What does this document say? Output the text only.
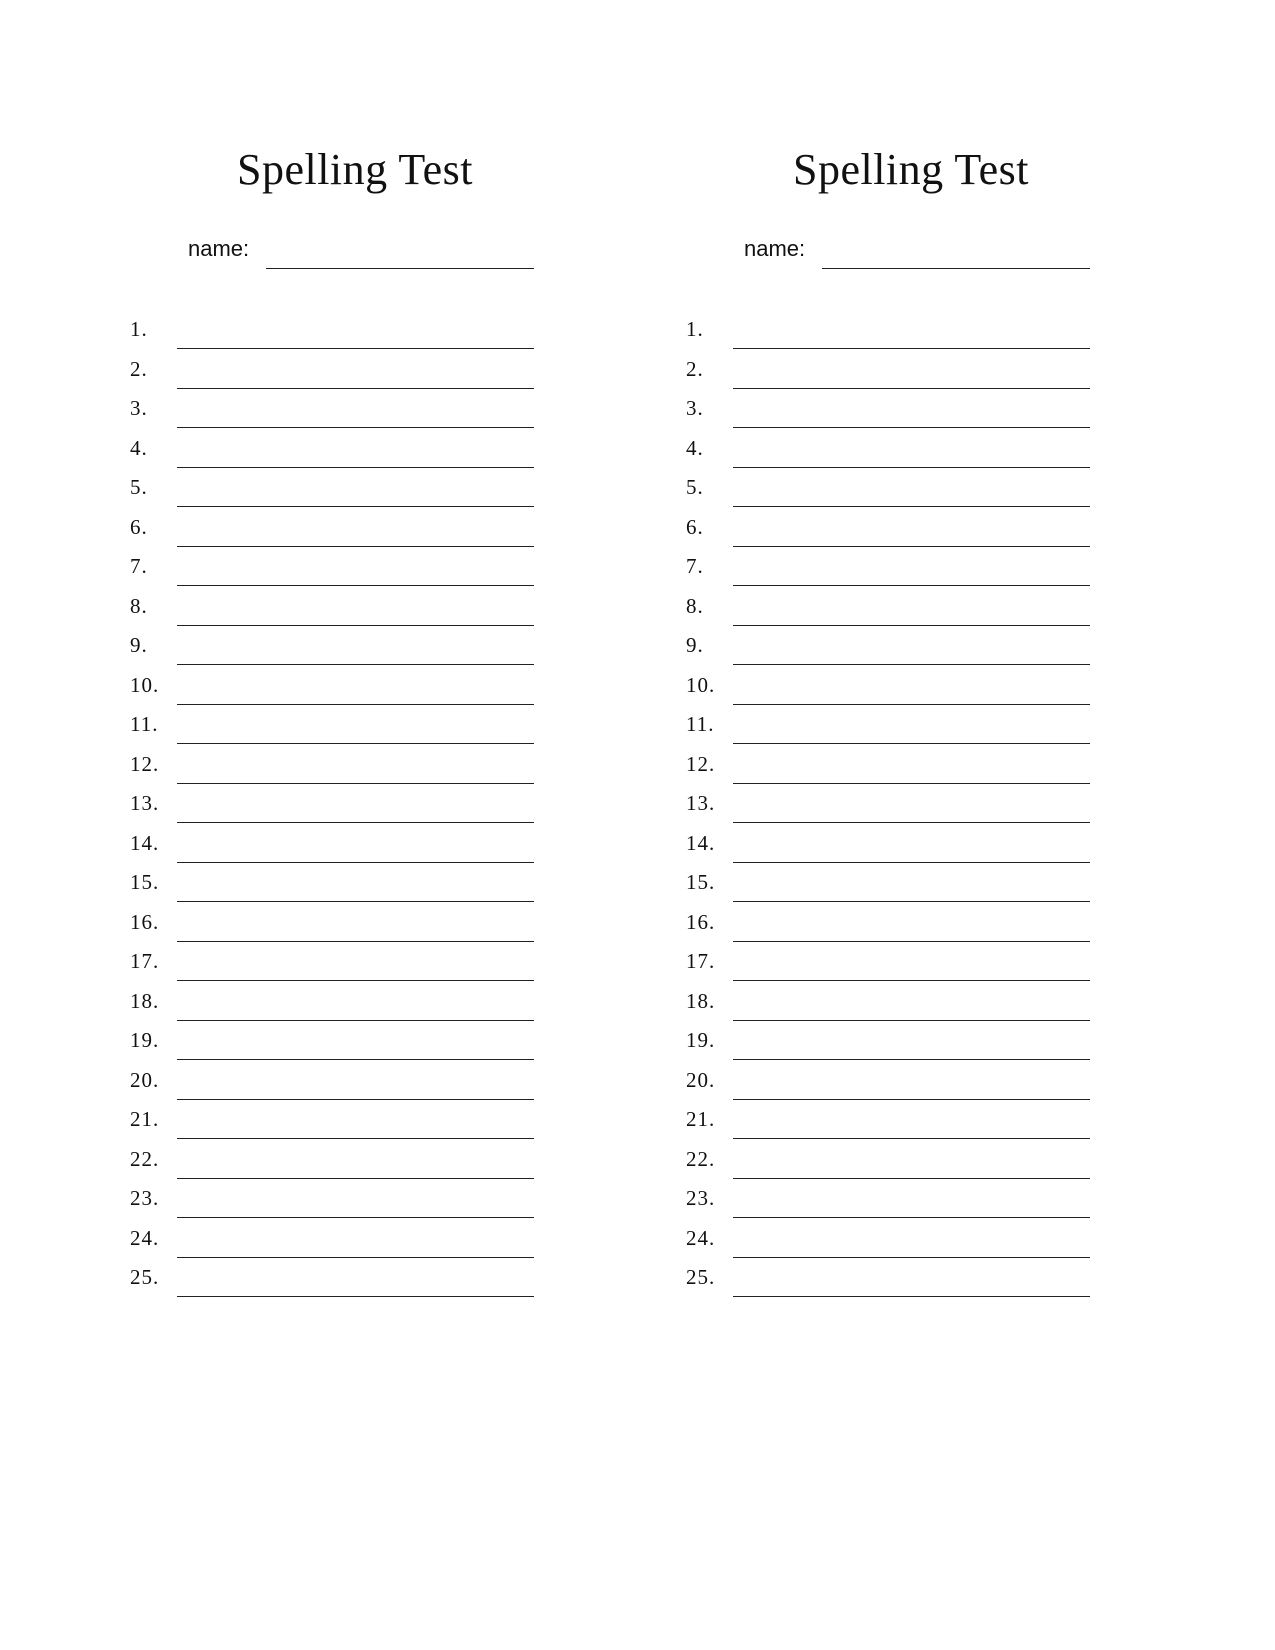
Spelling Test
name:
1.
2.
3.
4.
5.
6.
7.
8.
9.
10.
11.
12.
13.
14.
15.
16.
17.
18.
19.
20.
21.
22.
23.
24.
25.
Spelling Test
name:
1.
2.
3.
4.
5.
6.
7.
8.
9.
10.
11.
12.
13.
14.
15.
16.
17.
18.
19.
20.
21.
22.
23.
24.
25.
